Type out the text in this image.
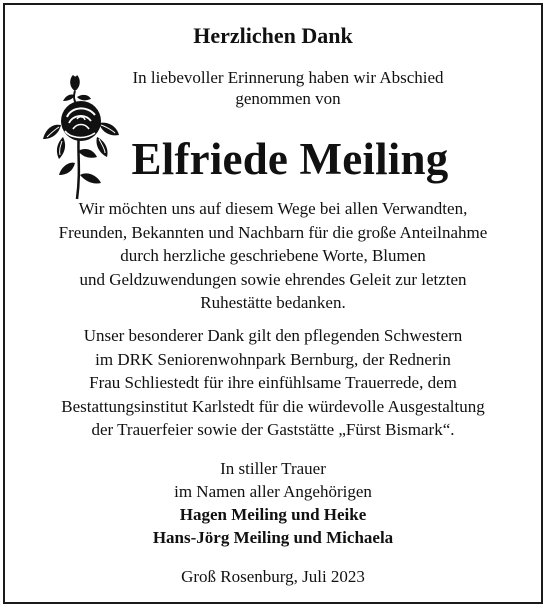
Herzlichen Dank
In liebevoller Erinnerung haben wir Abschied
genommen von
Elfriede Meiling
Wir möchten uns auf diesem Wege bei allen Verwandten,
Freunden, Bekannten und Nachbarn für die große Anteilnahme
durch herzliche geschriebene Worte, Blumen
und Geldzuwendungen sowie ehrendes Geleit zur letzten
Ruhestätte bedanken.
Unser besonderer Dank gilt den pflegenden Schwestern
im DRK Seniorenwohnpark Bernburg, der Rednerin
Frau Schliestedt für ihre einfühlsame Trauerrede, dem
Bestattungsinstitut Karlstedt für die würdevolle Ausgestaltung
der Trauerfeier sowie der Gaststätte „Fürst Bismark“.
In stiller Trauer
im Namen aller Angehörigen
Hagen Meiling und Heike
Hans-Jörg Meiling und Michaela
Groß Rosenburg, Juli 2023
